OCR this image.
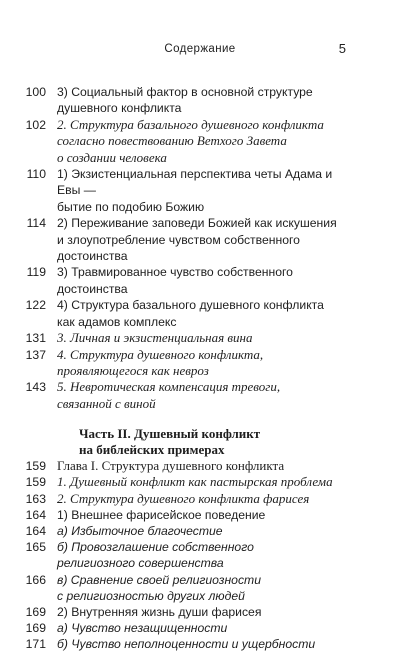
Содержание	5
100 3) Социальный фактор в основной структуре
душевного конфликта
102 2. Структура базального душевного конфликта
согласно повествованию Ветхого Завета
о создании человека
110 1) Экзистенциальная перспектива четы Адама и Евы —
бытие по подобию Божию
114 2) Переживание заповеди Божией как искушения
и злоупотребление чувством собственного достоинства
119 3) Травмированное чувство собственного достоинства
122 4) Структура базального душевного конфликта
как адамов комплекс
131 3. Личная и экзистенциальная вина
137 4. Структура душевного конфликта,
проявляющегося как невроз
143 5. Невротическая компенсация тревоги,
связанной с виной
Часть II. Душевный конфликт
на библейских примерах
159 Глава I. Структура душевного конфликта
159 1. Душевный конфликт как пастырская проблема
163 2. Структура душевного конфликта фарисея
164 1) Внешнее фарисейское поведение
164 а) Избыточное благочестие
165 б) Провозглашение собственного
религиозного совершенства
166 в) Сравнение своей религиозности
с религиозностью других людей
169 2) Внутренняя жизнь души фарисея
169 а) Чувство незащищенности
171 б) Чувство неполноценности и ущербности
